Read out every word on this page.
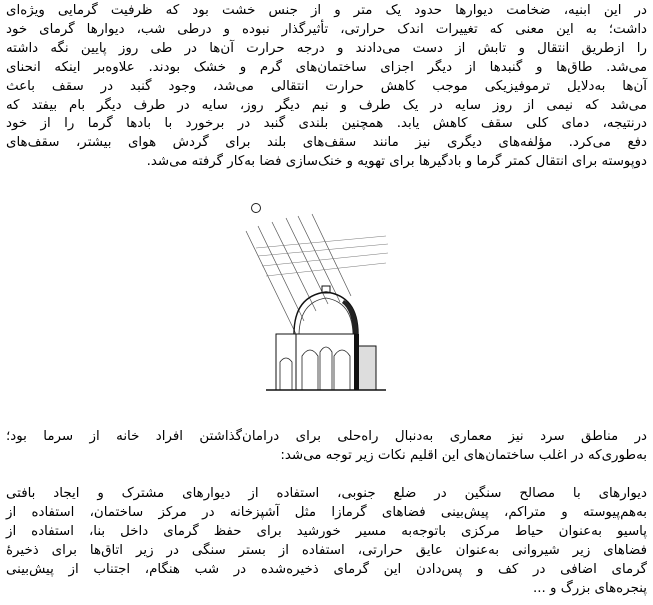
در این ابنیه، ضخامت دیوارها حدود یک متر و از جنس خشت بود که ظرفیت گرمایی ویژه‌ای
داشت؛ به این معنی که تغییرات اندک حرارتی، تأثیرگذار نبوده و درطی شب، دیوارها گرمای خود
را ازطریق انتقال و تابش از دست می‌دادند و درجه حرارت آن‌ها در طی روز پایین نگه داشته
می‌شد. طاق‌ها و گنبدها از دیگر اجزای ساختمان‌های گرم و خشک بودند. علاوه‌بر اینکه انحنای
آن‌ها به‌دلایل ترموفیزیکی موجب کاهش حرارت انتقالی می‌شد، وجود گنبد در سقف باعث
می‌شد که نیمی از روز سایه در یک طرف و نیم دیگر روز، سایه در طرف دیگر بام بیفتد که
درنتیجه، دمای کلی سقف کاهش یابد. همچنین بلندی گنبد در برخورد با بادها گرما را از خود
دفع می‌کرد. مؤلفه‌های دیگری نیز مانند سقف‌های بلند برای گردش هوای بیشتر، سقف‌های
دوپوسته برای انتقال کمتر گرما و بادگیرها برای تهویه و خنک‌سازی فضا به‌کار گرفته می‌شد.
در مناطق سرد نیز معماری به‌دنبال راه‌حلی برای درامان‌گذاشتن افراد خانه از سرما بود؛
به‌طوری‌که در اغلب ساختمان‌های این اقلیم نکات زیر توجه می‌شد:
دیوارهای با مصالح سنگین در ضلع جنوبی، استفاده از دیوارهای مشترک و ایجاد بافتی
به‌هم‌پیوسته و متراکم، پیش‌بینی فضاهای گرمازا مثل آشپزخانه در مرکز ساختمان، استفاده از
پاسیو به‌عنوان حیاط مرکزی باتوجه‌به مسیر خورشید برای حفظ گرمای داخل بنا، استفاده از
فضاهای زیر شیروانی به‌عنوان عایق حرارتی، استفاده از بستر سنگی در زیر اتاق‌ها برای ذخیرهٔ
گرمای اضافی در کف و پس‌دادن این گرمای ذخیره‌شده در شب هنگام، اجتناب از پیش‌بینی
پنجره‌های بزرگ و ...
